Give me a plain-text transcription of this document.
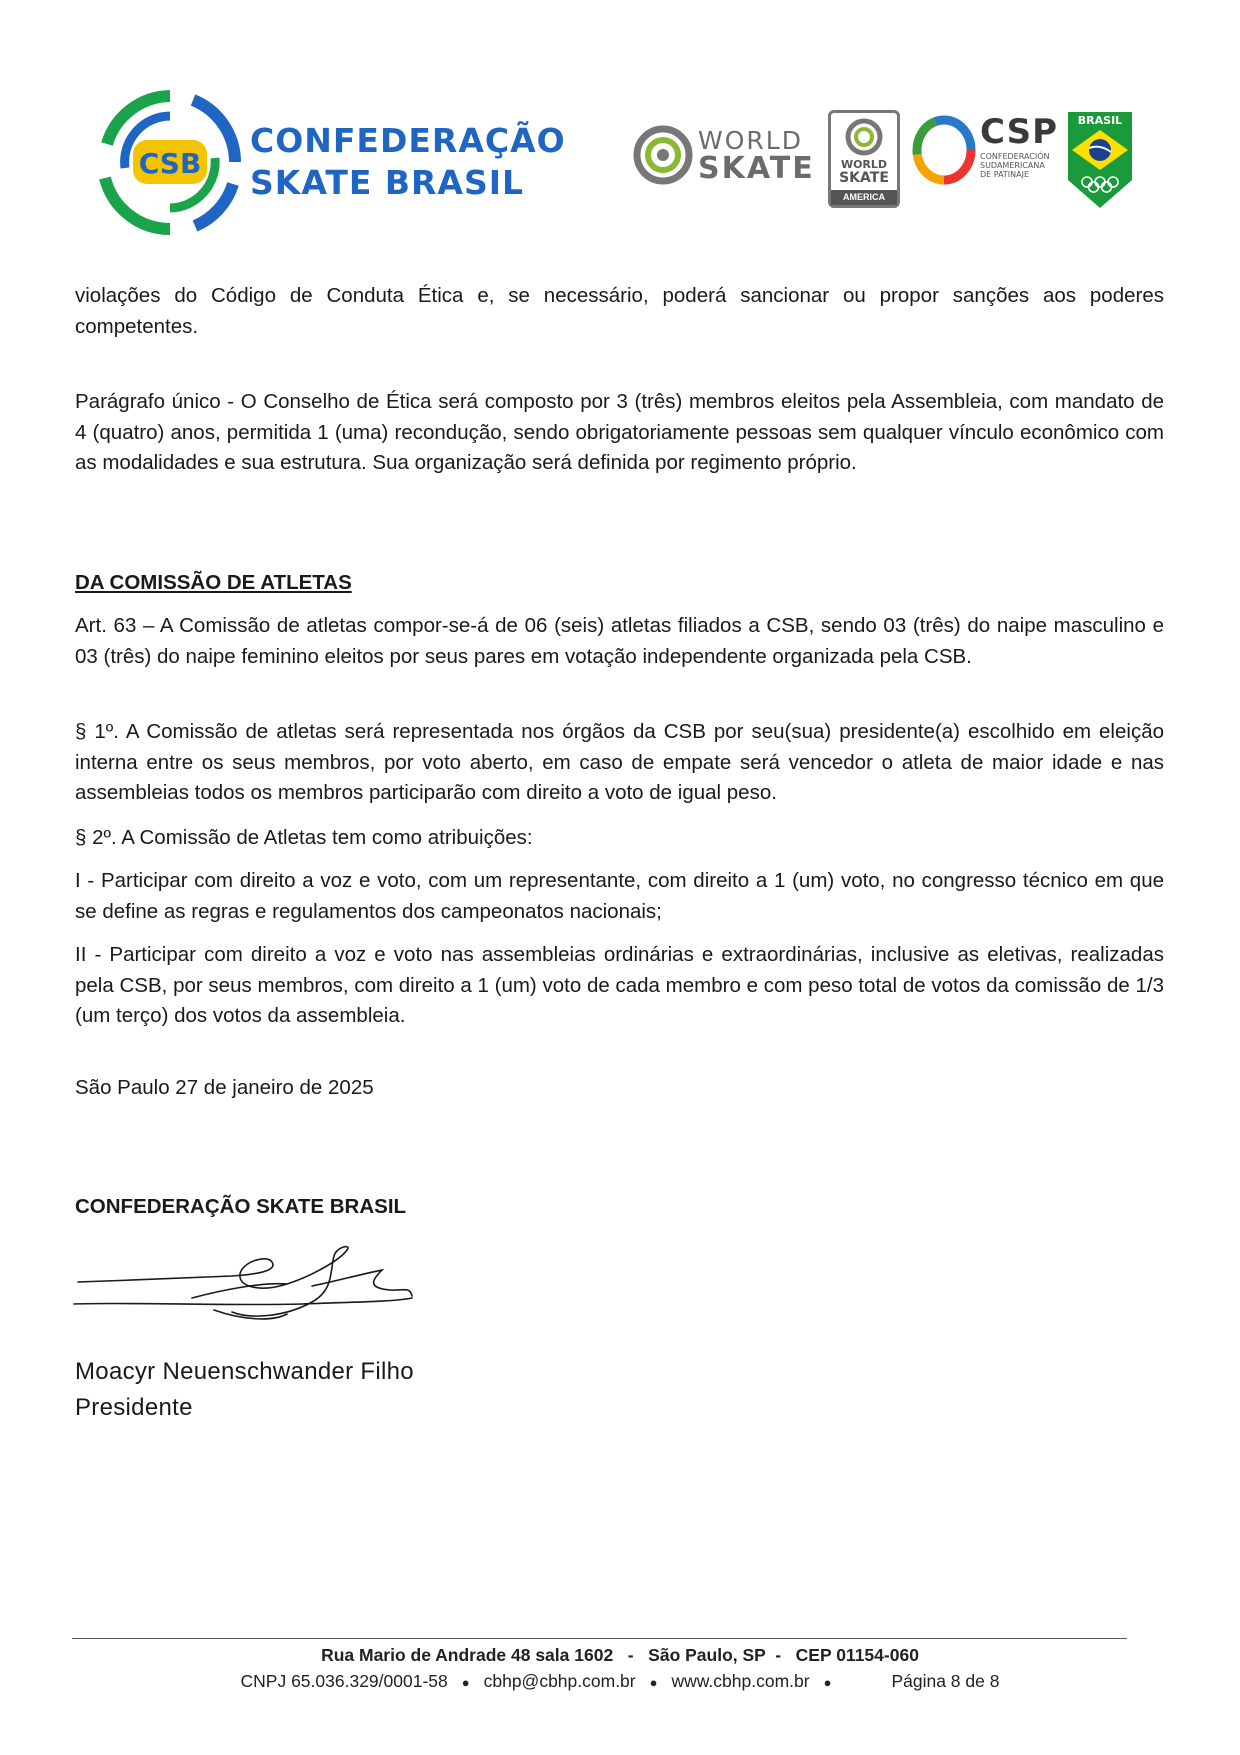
CSB
CONFEDERAÇÃO
SKATE BRASIL
WORLD
SKATE	WORLD
SKATE
AMERICA
CSP
CONFEDERACIÓN
SUDAMERICANA
DE PATINAJE
BRASIL

violações do Código de Conduta Ética e, se necessário, poderá sancionar ou propor sanções aos poderes competentes.

Parágrafo único - O Conselho de Ética será composto por 3 (três) membros eleitos pela Assembleia, com mandato de 4 (quatro) anos, permitida 1 (uma) recondução, sendo obrigatoriamente pessoas sem qualquer vínculo econômico com as modalidades e sua estrutura. Sua organização será definida por regimento próprio.

DA COMISSÃO DE ATLETAS

Art. 63 – A Comissão de atletas compor-se-á de 06 (seis) atletas filiados a CSB, sendo 03 (três) do naipe masculino e 03 (três) do naipe feminino eleitos por seus pares em votação independente organizada pela CSB.

§ 1º. A Comissão de atletas será representada nos órgãos da CSB por seu(sua) presidente(a) escolhido em eleição interna entre os seus membros, por voto aberto, em caso de empate será vencedor o atleta de maior idade e nas assembleias todos os membros participarão com direito a voto de igual peso.

§ 2º. A Comissão de Atletas tem como atribuições:

I - Participar com direito a voz e voto, com um representante, com direito a 1 (um) voto, no congresso técnico em que se define as regras e regulamentos dos campeonatos nacionais;

II - Participar com direito a voz e voto nas assembleias ordinárias e extraordinárias, inclusive as eletivas, realizadas pela CSB, por seus membros, com direito a 1 (um) voto de cada membro e com peso total de votos da comissão de 1/3 (um terço) dos votos da assembleia.

São Paulo 27 de janeiro de 2025
CONFEDERAÇÃO SKATE BRASIL
Moacyr Neuenschwander Filho
Presidente
Rua Mario de Andrade 48 sala 1602   -   São Paulo, SP  -   CEP 01154-060
CNPJ 65.036.329/0001-58 ● cbhp@cbhp.com.br ● www.cbhp.com.br ●	Página 8 de 8
